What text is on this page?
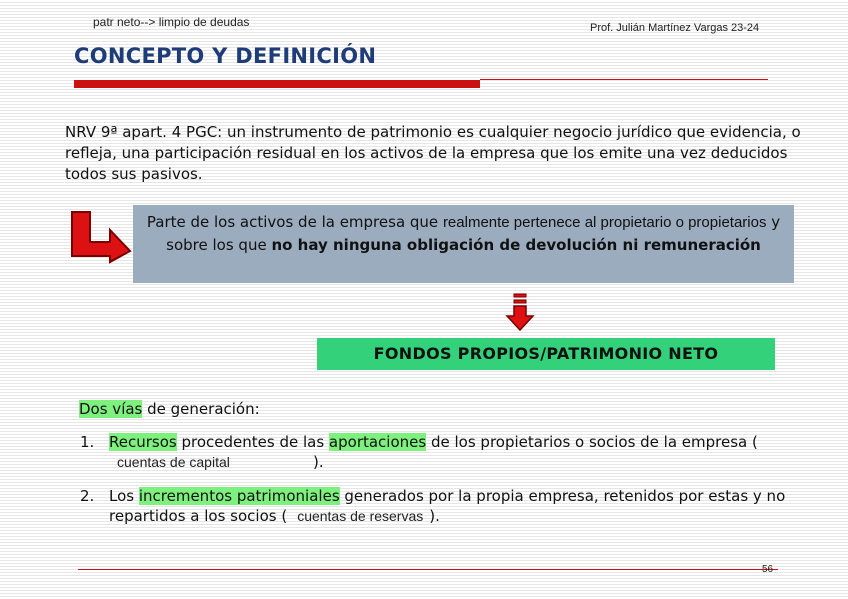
patr neto--> limpio de deudas	Prof. Julián Martínez Vargas 23-24
CONCEPTO Y DEFINICIÓN
NRV 9ª apart. 4 PGC: un instrumento de patrimonio es cualquier negocio jurídico que evidencia, o refleja, una participación residual en los activos de la empresa que los emite una vez deducidos todos sus pasivos.
Parte de los activos de la empresa que realmente pertenece al propietario o propietarios y sobre los que no hay ninguna obligación de devolución ni remuneración
FONDOS PROPIOS/PATRIMONIO NETO
Dos vías de generación:
1. Recursos procedentes de las aportaciones de los propietarios o socios de la empresa (cuentas de capital	).
2. Los incrementos patrimoniales generados por la propia empresa, retenidos por estas y no repartidos a los socios ( cuentas de reservas ).
56
